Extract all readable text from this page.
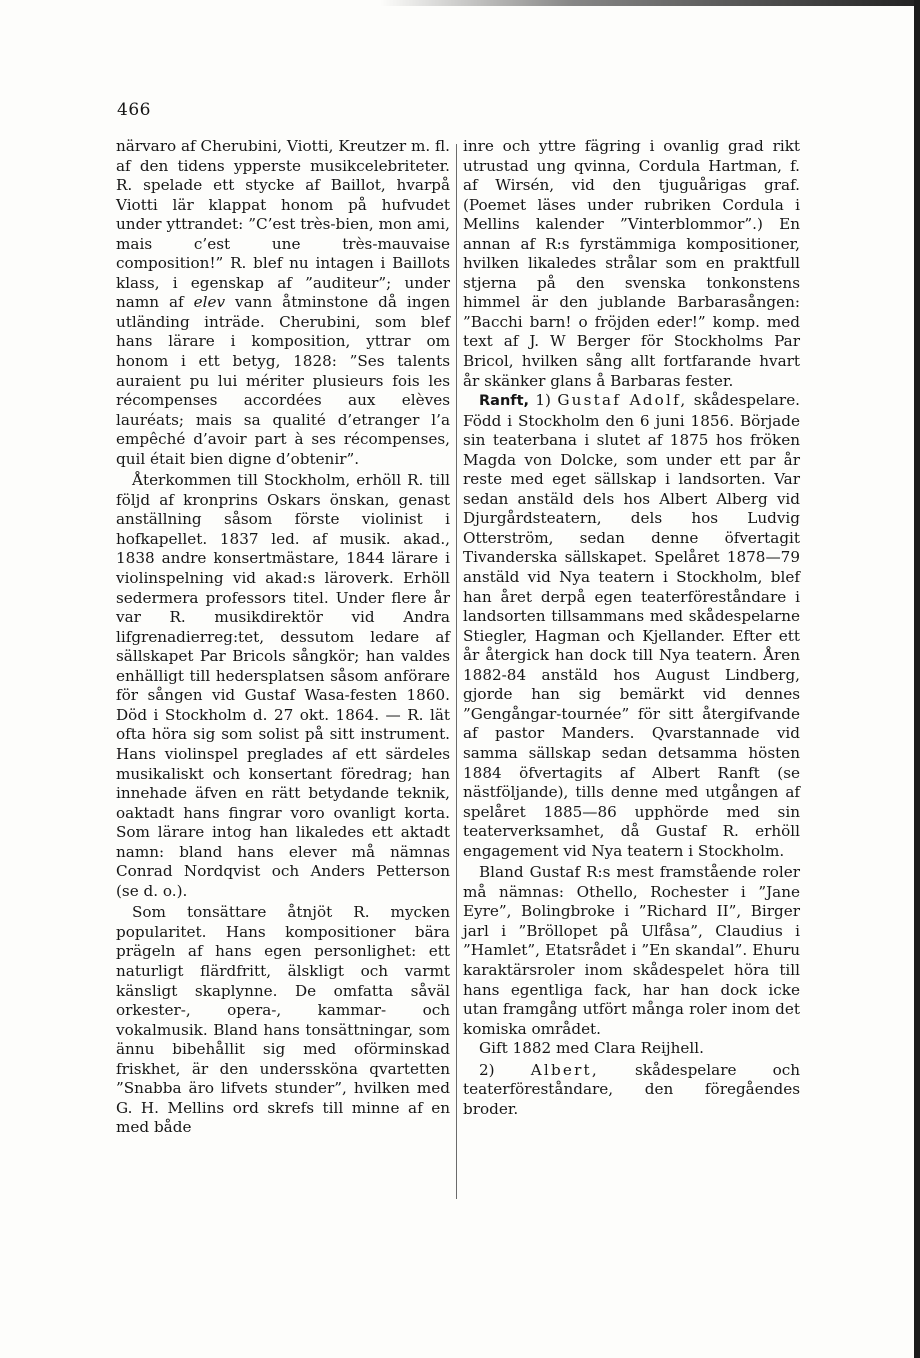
466

närvaro af Cherubini, Viotti, Kreutzer m. fl. af den tidens ypperste musikcelebriteter. R. spelade ett stycke af Baillot, hvarpå Viotti lär klappat honom på hufvudet under yttrandet: ”C’est très-bien, mon ami, mais c’est une très-mauvaise composition!” R. blef nu intagen i Baillots klass, i egenskap af ”auditeur”; under namn af elev vann åtminstone då ingen utländing inträde. Cherubini, som blef hans lärare i komposition, yttrar om honom i ett betyg, 1828: ”Ses talents auraient pu lui mériter plusieurs fois les récompenses accordées aux elèves lauréats; mais sa qualité d’etranger l’a empêché d’avoir part à ses récompenses, quil était bien digne d’obtenir”.

Återkommen till Stockholm, erhöll R. till följd af kronprins Oskars önskan, genast anställning såsom förste violinist i hofkapellet. 1837 led. af musik. akad., 1838 andre konsertmästare, 1844 lärare i violinspelning vid akad:s läroverk. Erhöll sedermera professors titel. Under flere år var R. musikdirektör vid Andra lifgrenadierreg:tet, dessutom ledare af sällskapet Par Bricols sångkör; han valdes enhälligt till hedersplatsen såsom anförare för sången vid Gustaf Wasa-festen 1860. Död i Stockholm d. 27 okt. 1864. — R. lät ofta höra sig som solist på sitt instrument. Hans violinspel preglades af ett särdeles musikaliskt och konsertant föredrag; han innehade äfven en rätt betydande teknik, oaktadt hans fingrar voro ovanligt korta. Som lärare intog han likaledes ett aktadt namn: bland hans elever må nämnas Conrad Nordqvist och Anders Petterson (se d. o.).

Som tonsättare åtnjöt R. mycken popularitet. Hans kompositioner bära prägeln af hans egen personlighet: ett naturligt flärdfritt, älskligt och varmt känsligt skaplynne. De omfatta såväl orkester-, opera-, kammar- och vokalmusik. Bland hans tonsättningar, som ännu bibehållit sig med oförminskad friskhet, är den underssköna qvartetten ”Snabba äro lifvets stunder”, hvilken med G. H. Mellins ord skrefs till minne af en med både

inre och yttre fägring i ovanlig grad rikt utrustad ung qvinna, Cordula Hartman, f. af Wirsén, vid den tjuguårigas graf. (Poemet läses under rubriken Cordula i Mellins kalender ”Vinterblommor”.) En annan af R:s fyrstämmiga kompositioner, hvilken likaledes strålar som en praktfull stjerna på den svenska tonkonstens himmel är den jublande Barbarasången: ”Bacchi barn! o fröjden eder!” komp. med text af J. W Berger för Stockholms Par Bricol, hvilken sång allt fortfarande hvart år skänker glans å Barbaras fester.

Ranft, 1) Gustaf Adolf, skådespelare. Född i Stockholm den 6 juni 1856. Började sin teaterbana i slutet af 1875 hos fröken Magda von Dolcke, som under ett par år reste med eget sällskap i landsorten. Var sedan anstäld dels hos Albert Alberg vid Djurgårdsteatern, dels hos Ludvig Otterström, sedan denne öfvertagit Tivanderska sällskapet. Spelåret 1878—79 anstäld vid Nya teatern i Stockholm, blef han året derpå egen teaterföreståndare i landsorten tillsammans med skådespelarne Stiegler, Hagman och Kjellander. Efter ett år återgick han dock till Nya teatern. Åren 1882-84 anstäld hos August Lindberg, gjorde han sig bemärkt vid dennes ”Gengångar-tournée” för sitt återgifvande af pastor Manders. Qvarstannade vid samma sällskap sedan detsamma hösten 1884 öfvertagits af Albert Ranft (se nästföljande), tills denne med utgången af spelåret 1885—86 upphörde med sin teaterverksamhet, då Gustaf R. erhöll engagement vid Nya teatern i Stockholm.

Bland Gustaf R:s mest framstående roler må nämnas: Othello, Rochester i ”Jane Eyre”, Bolingbroke i ”Richard II”, Birger jarl i ”Bröllopet på Ulfåsa”, Claudius i ”Hamlet”, Etatsrådet i ”En skandal”. Ehuru karaktärsroler inom skådespelet höra till hans egentliga fack, har han dock icke utan framgång utfört många roler inom det komiska området.

Gift 1882 med Clara Reijhell.

2) Albert, skådespelare och teaterföreståndare, den föregåendes broder.
